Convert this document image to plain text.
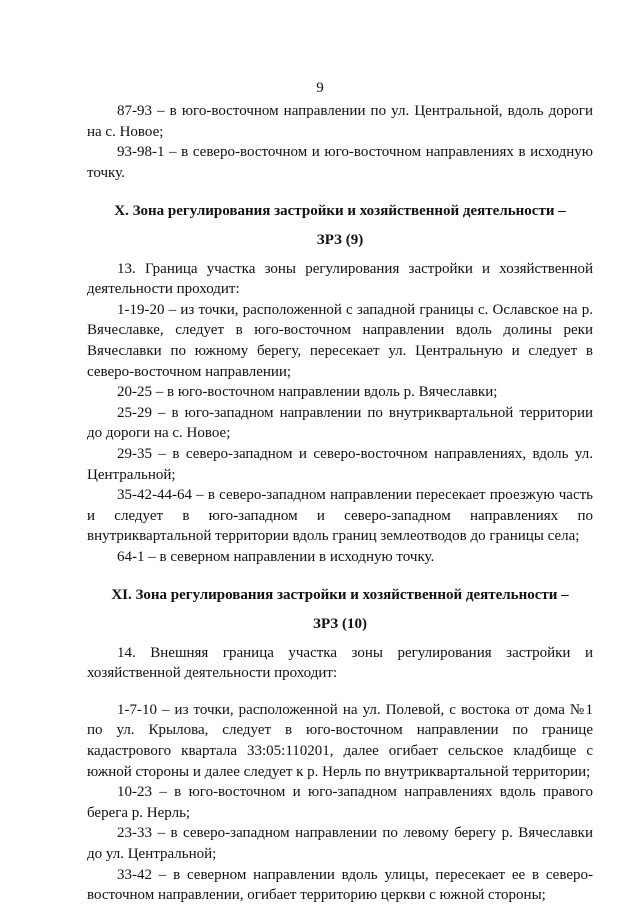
9

87-93 – в юго-восточном направлении по ул. Центральной, вдоль дороги на с. Новое;

93-98-1 – в северо-восточном и юго-восточном направлениях в исходную точку.

X. Зона регулирования застройки и хозяйственной деятельности –

ЗРЗ (9)

13. Граница участка зоны регулирования застройки и хозяйственной деятельности проходит:

1-19-20 – из точки, расположенной с западной границы с. Ославское на р. Вячеславке, следует в юго-восточном направлении вдоль долины реки Вячеславки по южному берегу, пересекает ул. Центральную и следует в северо-восточном направлении;

20-25 – в юго-восточном направлении вдоль р. Вячеславки;

25-29 – в юго-западном направлении по внутриквартальной территории до дороги на с. Новое;

29-35 – в северо-западном и северо-восточном направлениях, вдоль ул. Центральной;

35-42-44-64 – в северо-западном направлении пересекает проезжую часть и следует в юго-западном и северо-западном направлениях по внутриквартальной территории вдоль границ землеотводов до границы села;

64-1 – в северном направлении в исходную точку.

XI. Зона регулирования застройки и хозяйственной деятельности –

ЗРЗ (10)

14. Внешняя граница участка зоны регулирования застройки и хозяйственной деятельности проходит:

1-7-10 – из точки, расположенной на ул. Полевой, с востока от дома №1 по ул. Крылова, следует в юго-восточном направлении по границе кадастрового квартала 33:05:110201, далее огибает сельское кладбище с южной стороны и далее следует к р. Нерль по внутриквартальной территории;

10-23 – в юго-восточном и юго-западном направлениях вдоль правого берега р. Нерль;

23-33 – в северо-западном направлении по левому берегу р. Вячеславки до ул. Центральной;

33-42 – в северном направлении вдоль улицы, пересекает ее в северо-восточном направлении, огибает территорию церкви с южной стороны;
